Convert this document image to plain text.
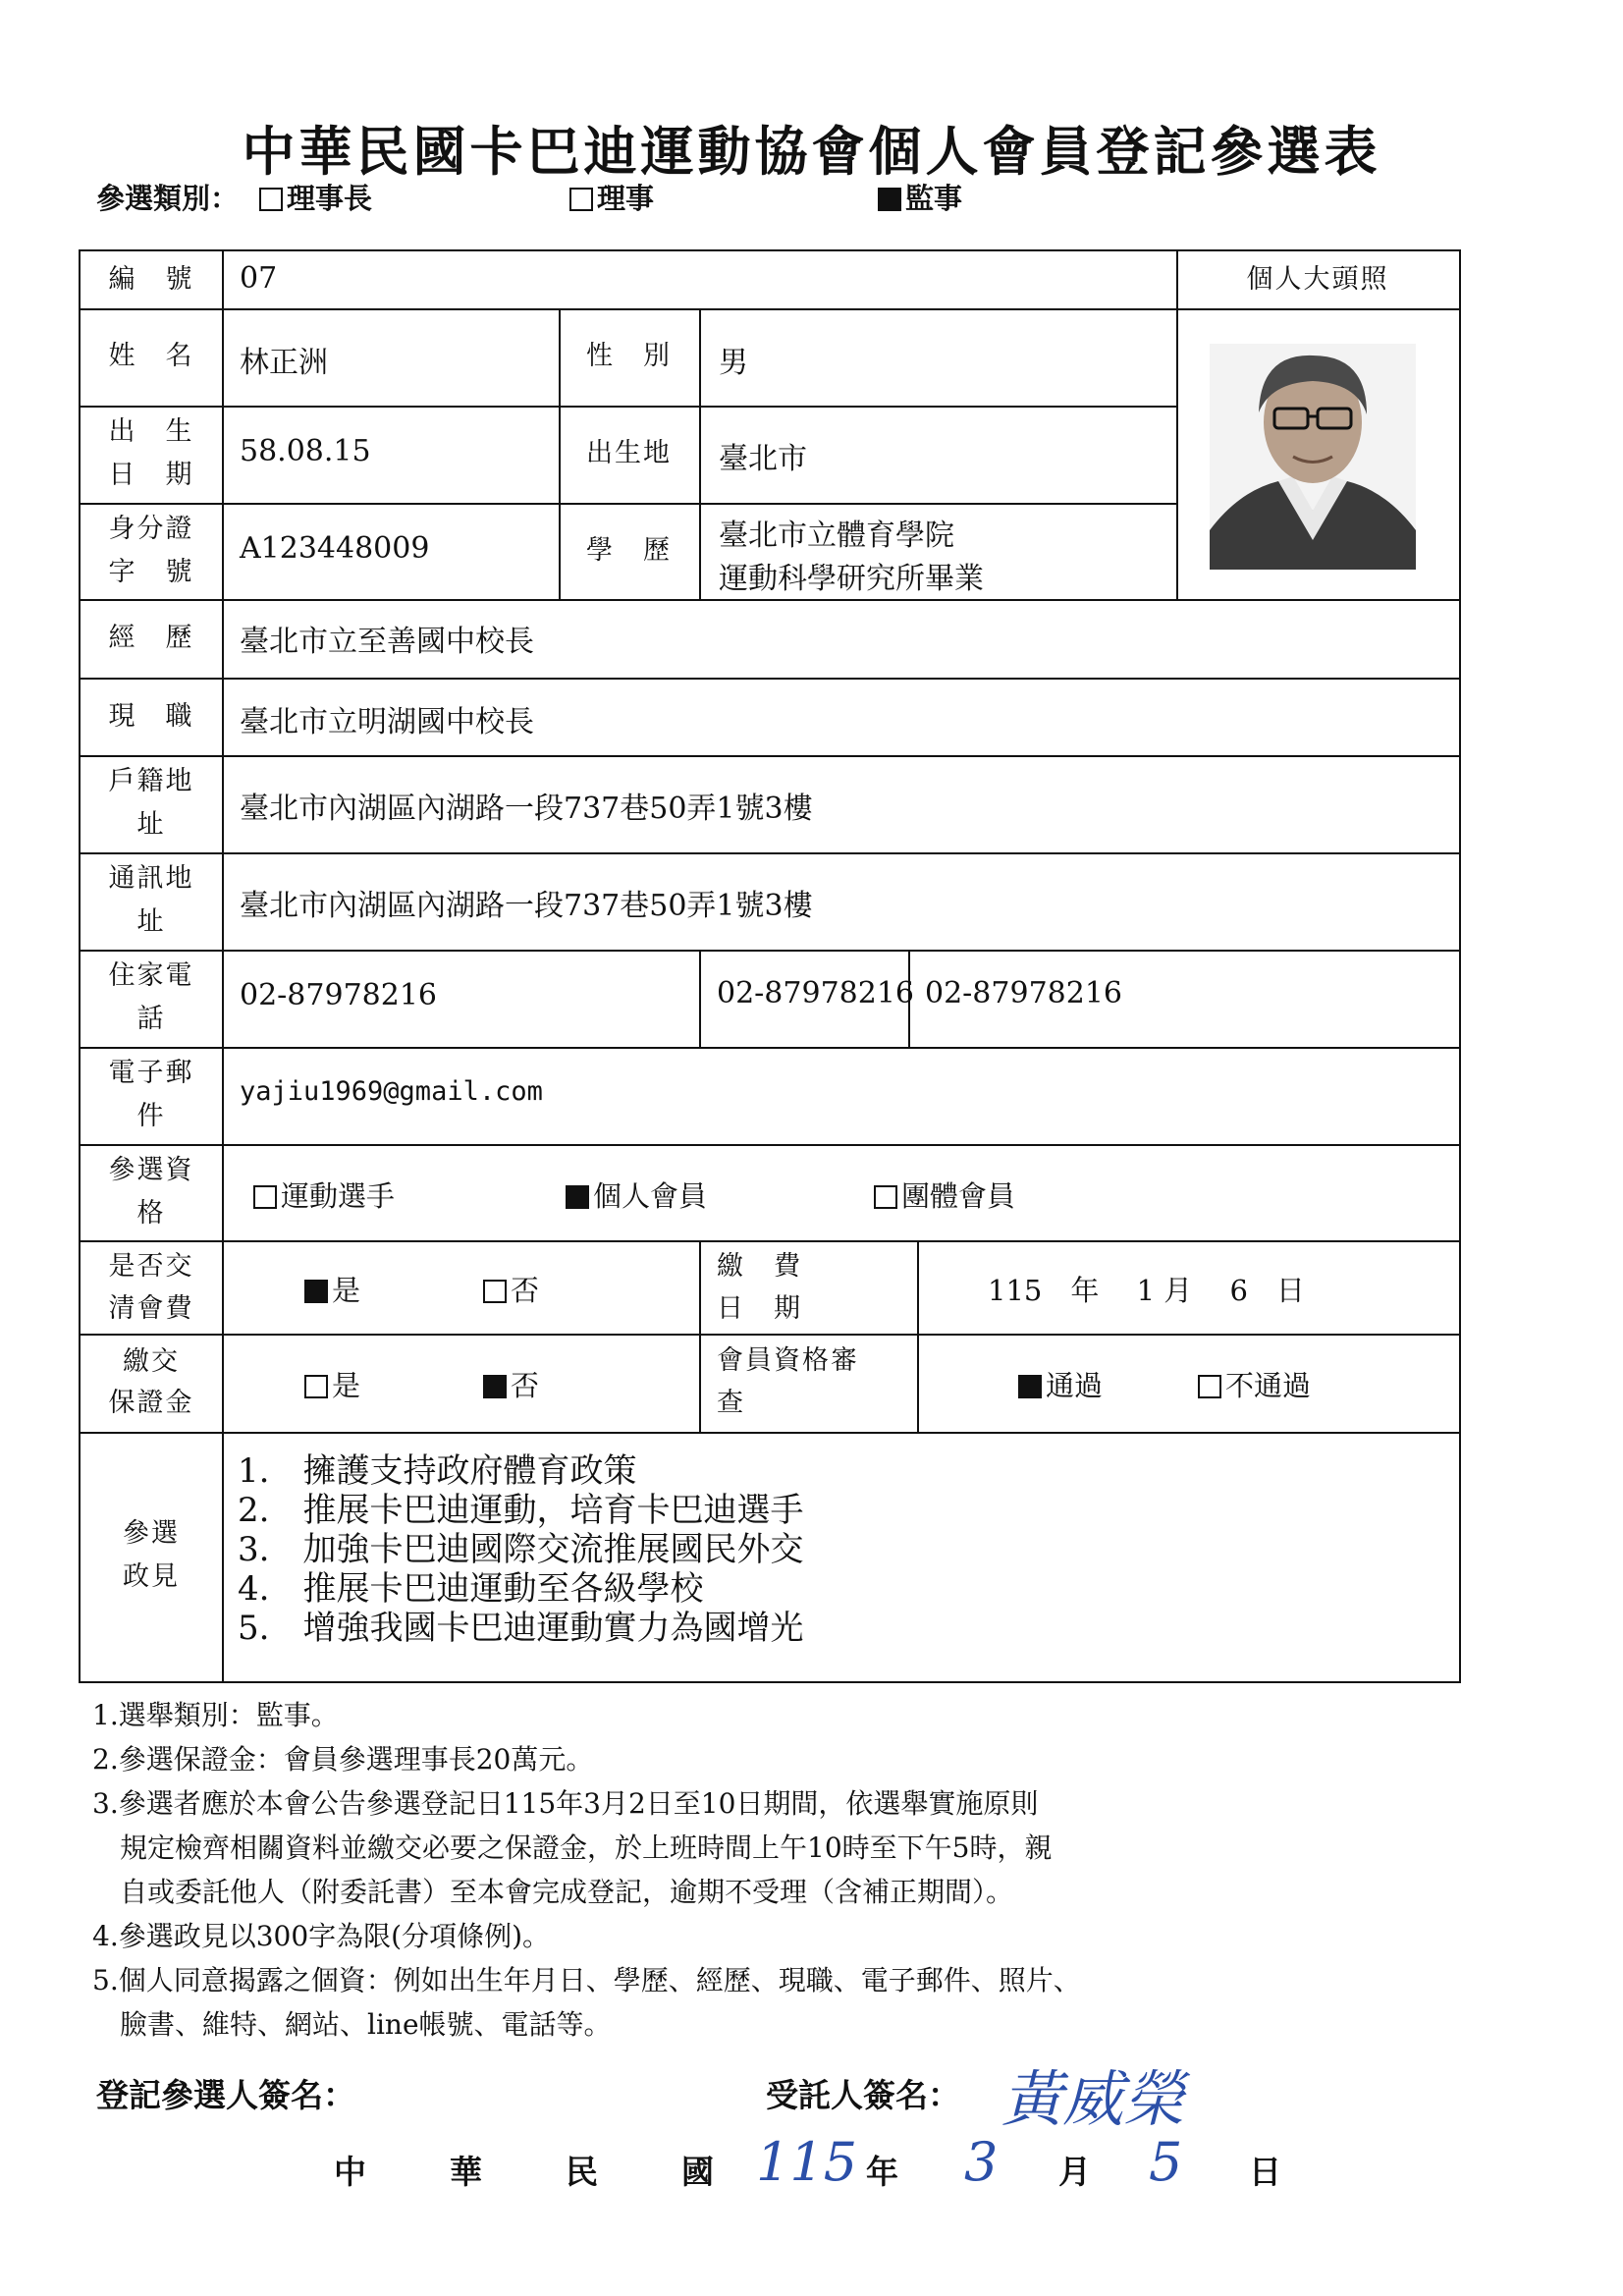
中華民國卡巴迪運動協會個人會員登記參選表
參選類別：	理事長	理事	監事
編　號	07	個人大頭照
姓　名	林正洲	性　別	男
出　生
日　期
58.08.15	出生地	臺北市
身分證
字　號
A123448009	學　歷	臺北市立體育學院
運動科學研究所畢業
經　歷	臺北市立至善國中校長
現　職	臺北市立明湖國中校長
戶籍地
址	臺北市內湖區內湖路一段737巷50弄1號3樓
通訊地
址	臺北市內湖區內湖路一段737巷50弄1號3樓
住家電
話
02-87978216	02-87978216 02-87978216
電子郵
件
yajiu1969@gmail.com
參選資
格
運動選手	個人會員	團體會員
是否交
清會費
是	否
繳　費
日　期
115　年　 1 月　 6　日
繳交
保證金
是	否
會員資格審
查
通過	不通過
參選
政見
1.　擁護支持政府體育政策
2.　推展卡巴迪運動，培育卡巴迪選手
3.　加強卡巴迪國際交流推展國民外交
4.　推展卡巴迪運動至各級學校
5.　增強我國卡巴迪運動實力為國增光
1.選舉類別：監事。
2.參選保證金：會員參選理事長20萬元。
3.參選者應於本會公告參選登記日115年3月2日至10日期間，依選舉實施原則
　規定檢齊相關資料並繳交必要之保證金，於上班時間上午10時至下午5時，親
　自或委託他人（附委託書）至本會完成登記，逾期不受理（含補正期間）。
4.參選政見以300字為限(分項條例)。
5.個人同意揭露之個資：例如出生年月日、學歷、經歷、現職、電子郵件、照片、
　臉書、維特、網站、line帳號、電話等。
登記參選人簽名：	受託人簽名： 黃威榮
中	華	民	國 115 年 3 月 5 日
